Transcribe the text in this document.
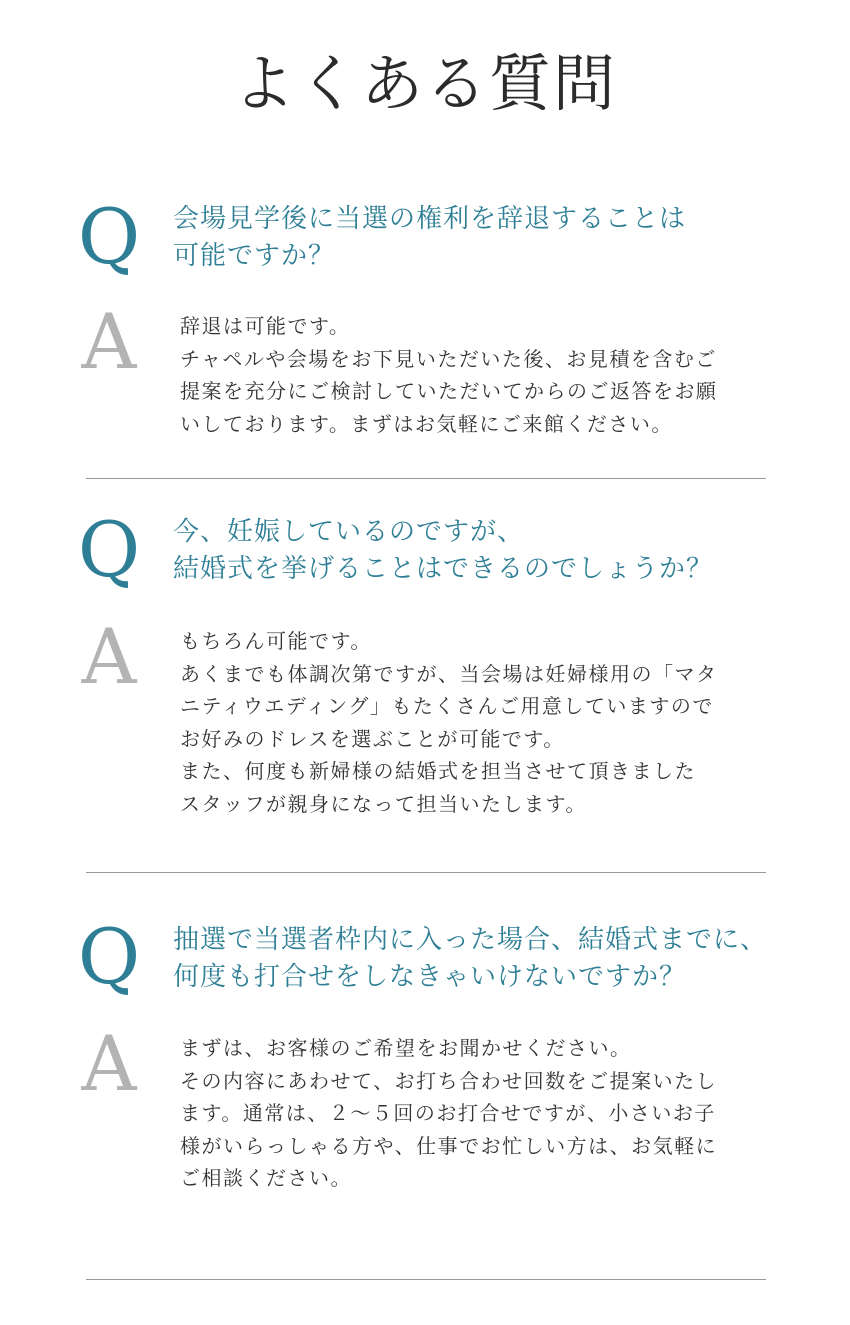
よくある質問
Q 会場見学後に当選の権利を辞退することは
可能ですか？
A 辞退は可能です。
チャペルや会場をお下見いただいた後、お見積を含むご
提案を充分にご検討していただいてからのご返答をお願
いしております。まずはお気軽にご来館ください。
Q 今、妊娠しているのですが、
結婚式を挙げることはできるのでしょうか？
A もちろん可能です。
あくまでも体調次第ですが、当会場は妊婦様用の「マタ
ニティウエディング」もたくさんご用意していますので
お好みのドレスを選ぶことが可能です。
また、何度も新婦様の結婚式を担当させて頂きました
スタッフが親身になって担当いたします。
Q 抽選で当選者枠内に入った場合、結婚式までに、
何度も打合せをしなきゃいけないですか？
A まずは、お客様のご希望をお聞かせください。
その内容にあわせて、お打ち合わせ回数をご提案いたし
ます。通常は、２～５回のお打合せですが、小さいお子
様がいらっしゃる方や、仕事でお忙しい方は、お気軽に
ご相談ください。
